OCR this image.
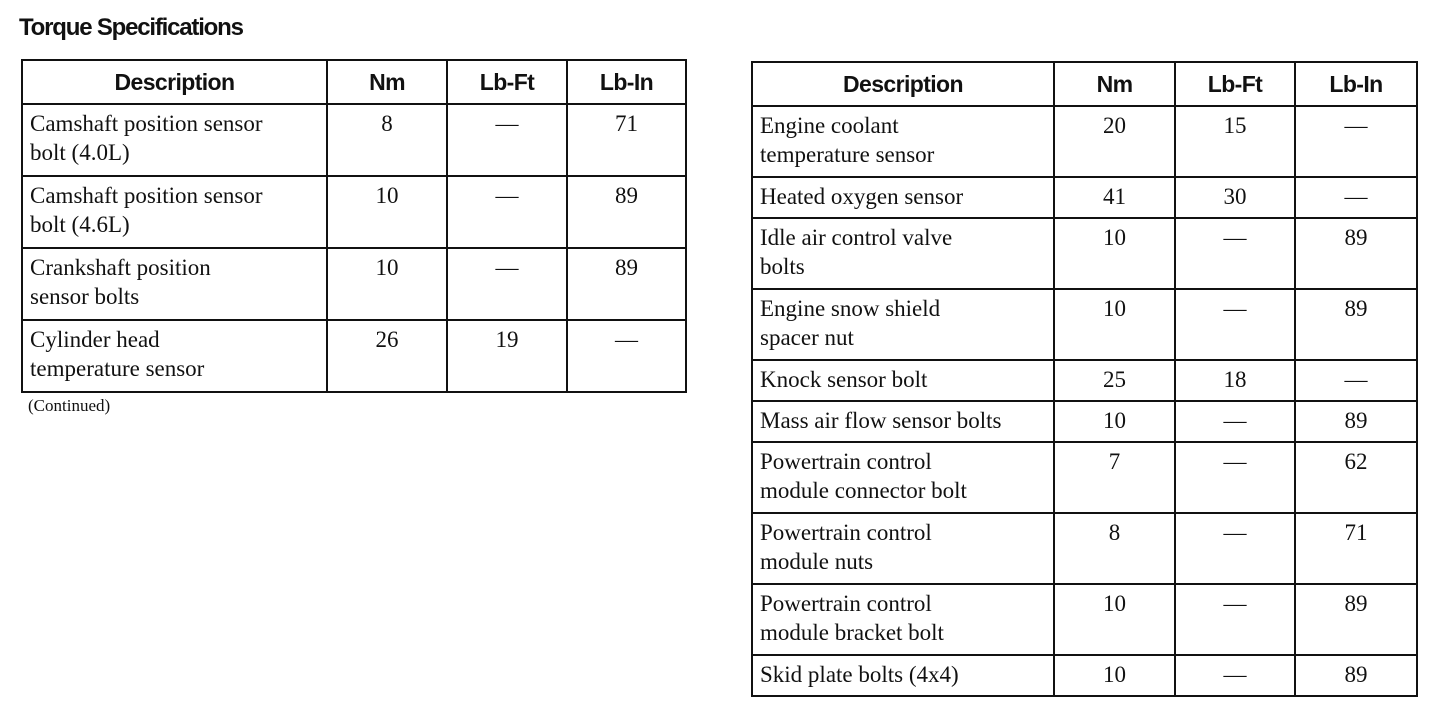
Torque Specifications
Description	Nm	Lb-Ft	Lb-In
Camshaft position sensor
bolt (4.0L)	8	—	71
Camshaft position sensor
bolt (4.6L)	10	—	89
Crankshaft position
sensor bolts	10	—	89
Cylinder head
temperature sensor	26	19	—
(Continued)
Description	Nm	Lb-Ft	Lb-In
Engine coolant
temperature sensor	20	15	—
Heated oxygen sensor	41	30	—
Idle air control valve
bolts	10	—	89
Engine snow shield
spacer nut	10	—	89
Knock sensor bolt	25	18	—
Mass air flow sensor bolts	10	—	89
Powertrain control
module connector bolt	7	—	62
Powertrain control
module nuts	8	—	71
Powertrain control
module bracket bolt	10	—	89
Skid plate bolts (4x4)	10	—	89
